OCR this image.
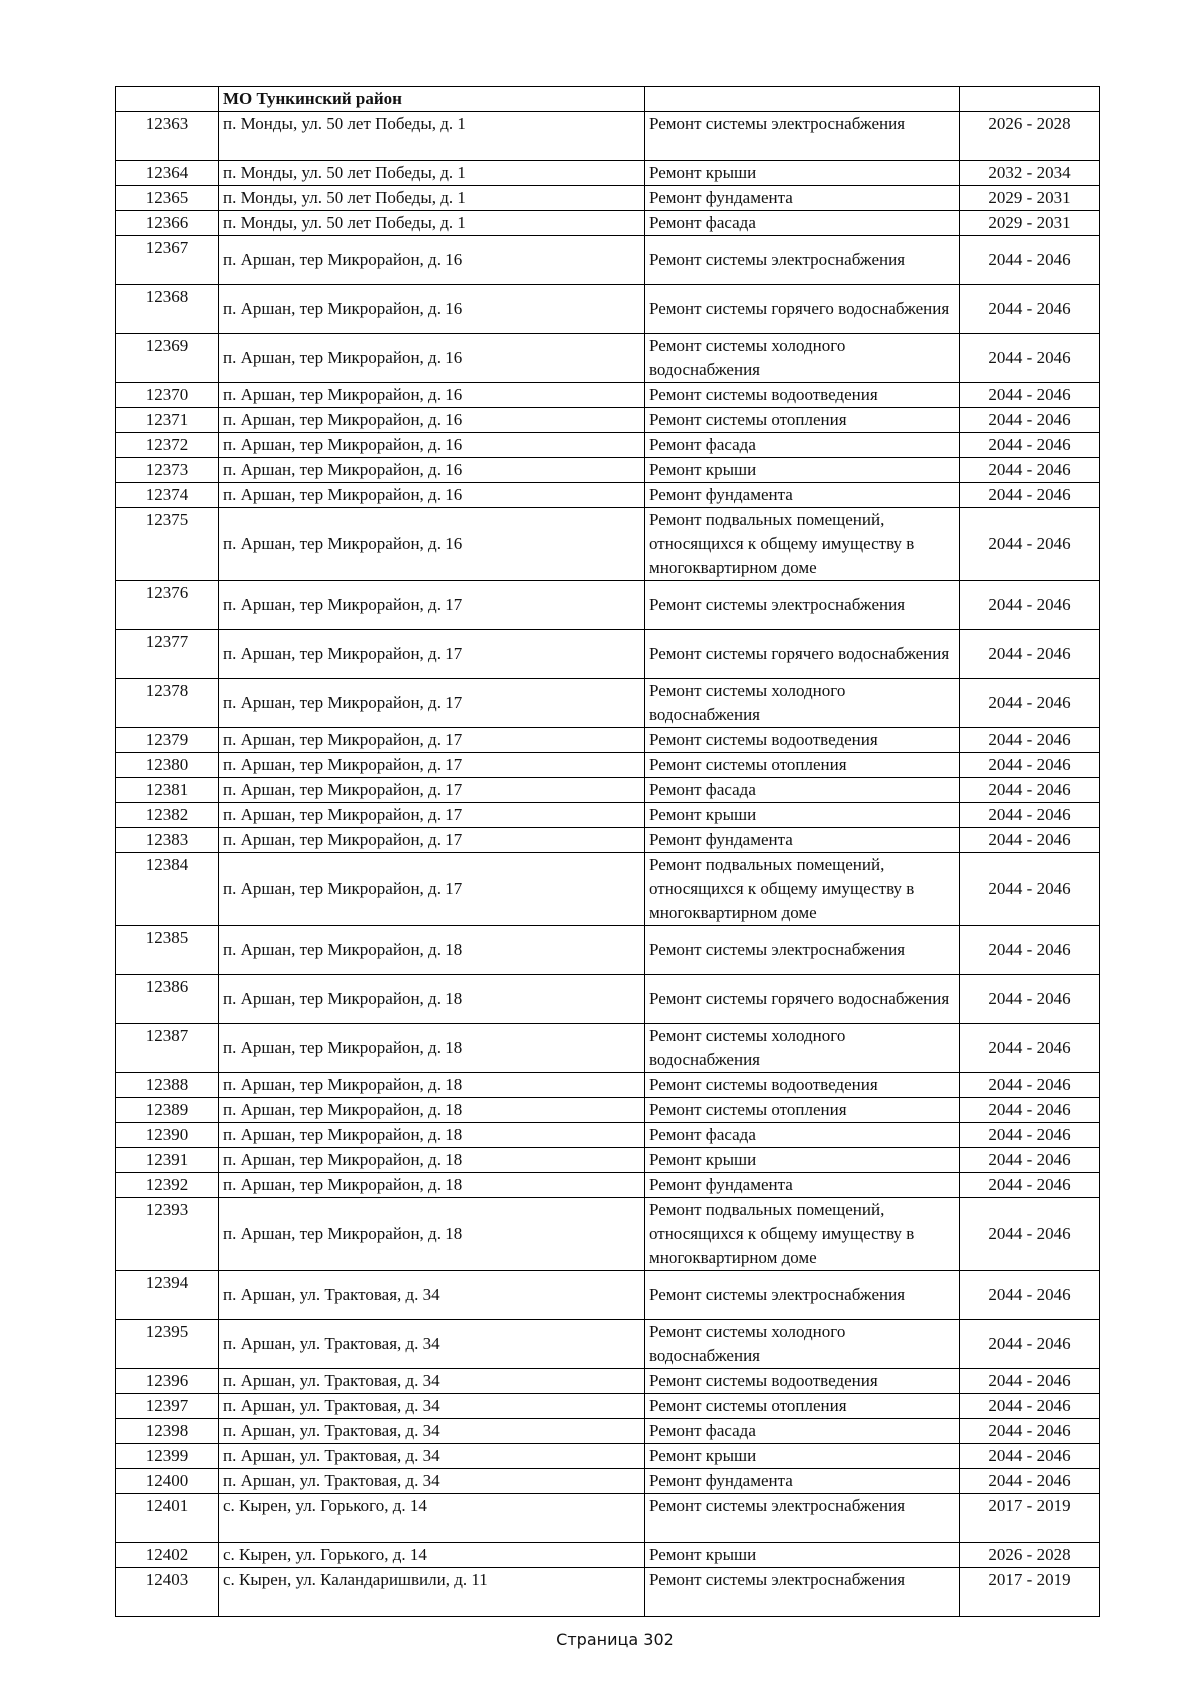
	МО Тункинский район		
12363	п. Монды, ул. 50 лет Победы, д. 1	Ремонт системы электроснабжения	2026 - 2028
12364	п. Монды, ул. 50 лет Победы, д. 1	Ремонт крыши	2032 - 2034
12365	п. Монды, ул. 50 лет Победы, д. 1	Ремонт фундамента	2029 - 2031
12366	п. Монды, ул. 50 лет Победы, д. 1	Ремонт фасада	2029 - 2031
12367	п. Аршан, тер Микрорайон, д. 16	Ремонт системы электроснабжения	2044 - 2046
12368	п. Аршан, тер Микрорайон, д. 16	Ремонт системы горячего водоснабжения	2044 - 2046
12369	п. Аршан, тер Микрорайон, д. 16	Ремонт системы холодного водоснабжения	2044 - 2046
12370	п. Аршан, тер Микрорайон, д. 16	Ремонт системы водоотведения	2044 - 2046
12371	п. Аршан, тер Микрорайон, д. 16	Ремонт системы отопления	2044 - 2046
12372	п. Аршан, тер Микрорайон, д. 16	Ремонт фасада	2044 - 2046
12373	п. Аршан, тер Микрорайон, д. 16	Ремонт крыши	2044 - 2046
12374	п. Аршан, тер Микрорайон, д. 16	Ремонт фундамента	2044 - 2046
12375	п. Аршан, тер Микрорайон, д. 16	Ремонт подвальных помещений, относящихся к общему имуществу в многоквартирном доме	2044 - 2046
12376	п. Аршан, тер Микрорайон, д. 17	Ремонт системы электроснабжения	2044 - 2046
12377	п. Аршан, тер Микрорайон, д. 17	Ремонт системы горячего водоснабжения	2044 - 2046
12378	п. Аршан, тер Микрорайон, д. 17	Ремонт системы холодного водоснабжения	2044 - 2046
12379	п. Аршан, тер Микрорайон, д. 17	Ремонт системы водоотведения	2044 - 2046
12380	п. Аршан, тер Микрорайон, д. 17	Ремонт системы отопления	2044 - 2046
12381	п. Аршан, тер Микрорайон, д. 17	Ремонт фасада	2044 - 2046
12382	п. Аршан, тер Микрорайон, д. 17	Ремонт крыши	2044 - 2046
12383	п. Аршан, тер Микрорайон, д. 17	Ремонт фундамента	2044 - 2046
12384	п. Аршан, тер Микрорайон, д. 17	Ремонт подвальных помещений, относящихся к общему имуществу в многоквартирном доме	2044 - 2046
12385	п. Аршан, тер Микрорайон, д. 18	Ремонт системы электроснабжения	2044 - 2046
12386	п. Аршан, тер Микрорайон, д. 18	Ремонт системы горячего водоснабжения	2044 - 2046
12387	п. Аршан, тер Микрорайон, д. 18	Ремонт системы холодного водоснабжения	2044 - 2046
12388	п. Аршан, тер Микрорайон, д. 18	Ремонт системы водоотведения	2044 - 2046
12389	п. Аршан, тер Микрорайон, д. 18	Ремонт системы отопления	2044 - 2046
12390	п. Аршан, тер Микрорайон, д. 18	Ремонт фасада	2044 - 2046
12391	п. Аршан, тер Микрорайон, д. 18	Ремонт крыши	2044 - 2046
12392	п. Аршан, тер Микрорайон, д. 18	Ремонт фундамента	2044 - 2046
12393	п. Аршан, тер Микрорайон, д. 18	Ремонт подвальных помещений, относящихся к общему имуществу в многоквартирном доме	2044 - 2046
12394	п. Аршан, ул. Трактовая, д. 34	Ремонт системы электроснабжения	2044 - 2046
12395	п. Аршан, ул. Трактовая, д. 34	Ремонт системы холодного водоснабжения	2044 - 2046
12396	п. Аршан, ул. Трактовая, д. 34	Ремонт системы водоотведения	2044 - 2046
12397	п. Аршан, ул. Трактовая, д. 34	Ремонт системы отопления	2044 - 2046
12398	п. Аршан, ул. Трактовая, д. 34	Ремонт фасада	2044 - 2046
12399	п. Аршан, ул. Трактовая, д. 34	Ремонт крыши	2044 - 2046
12400	п. Аршан, ул. Трактовая, д. 34	Ремонт фундамента	2044 - 2046
12401	с. Кырен, ул. Горького, д. 14	Ремонт системы электроснабжения	2017 - 2019
12402	с. Кырен, ул. Горького, д. 14	Ремонт крыши	2026 - 2028
12403	с. Кырен, ул. Каландаришвили, д. 11	Ремонт системы электроснабжения	2017 - 2019
Страница 302
